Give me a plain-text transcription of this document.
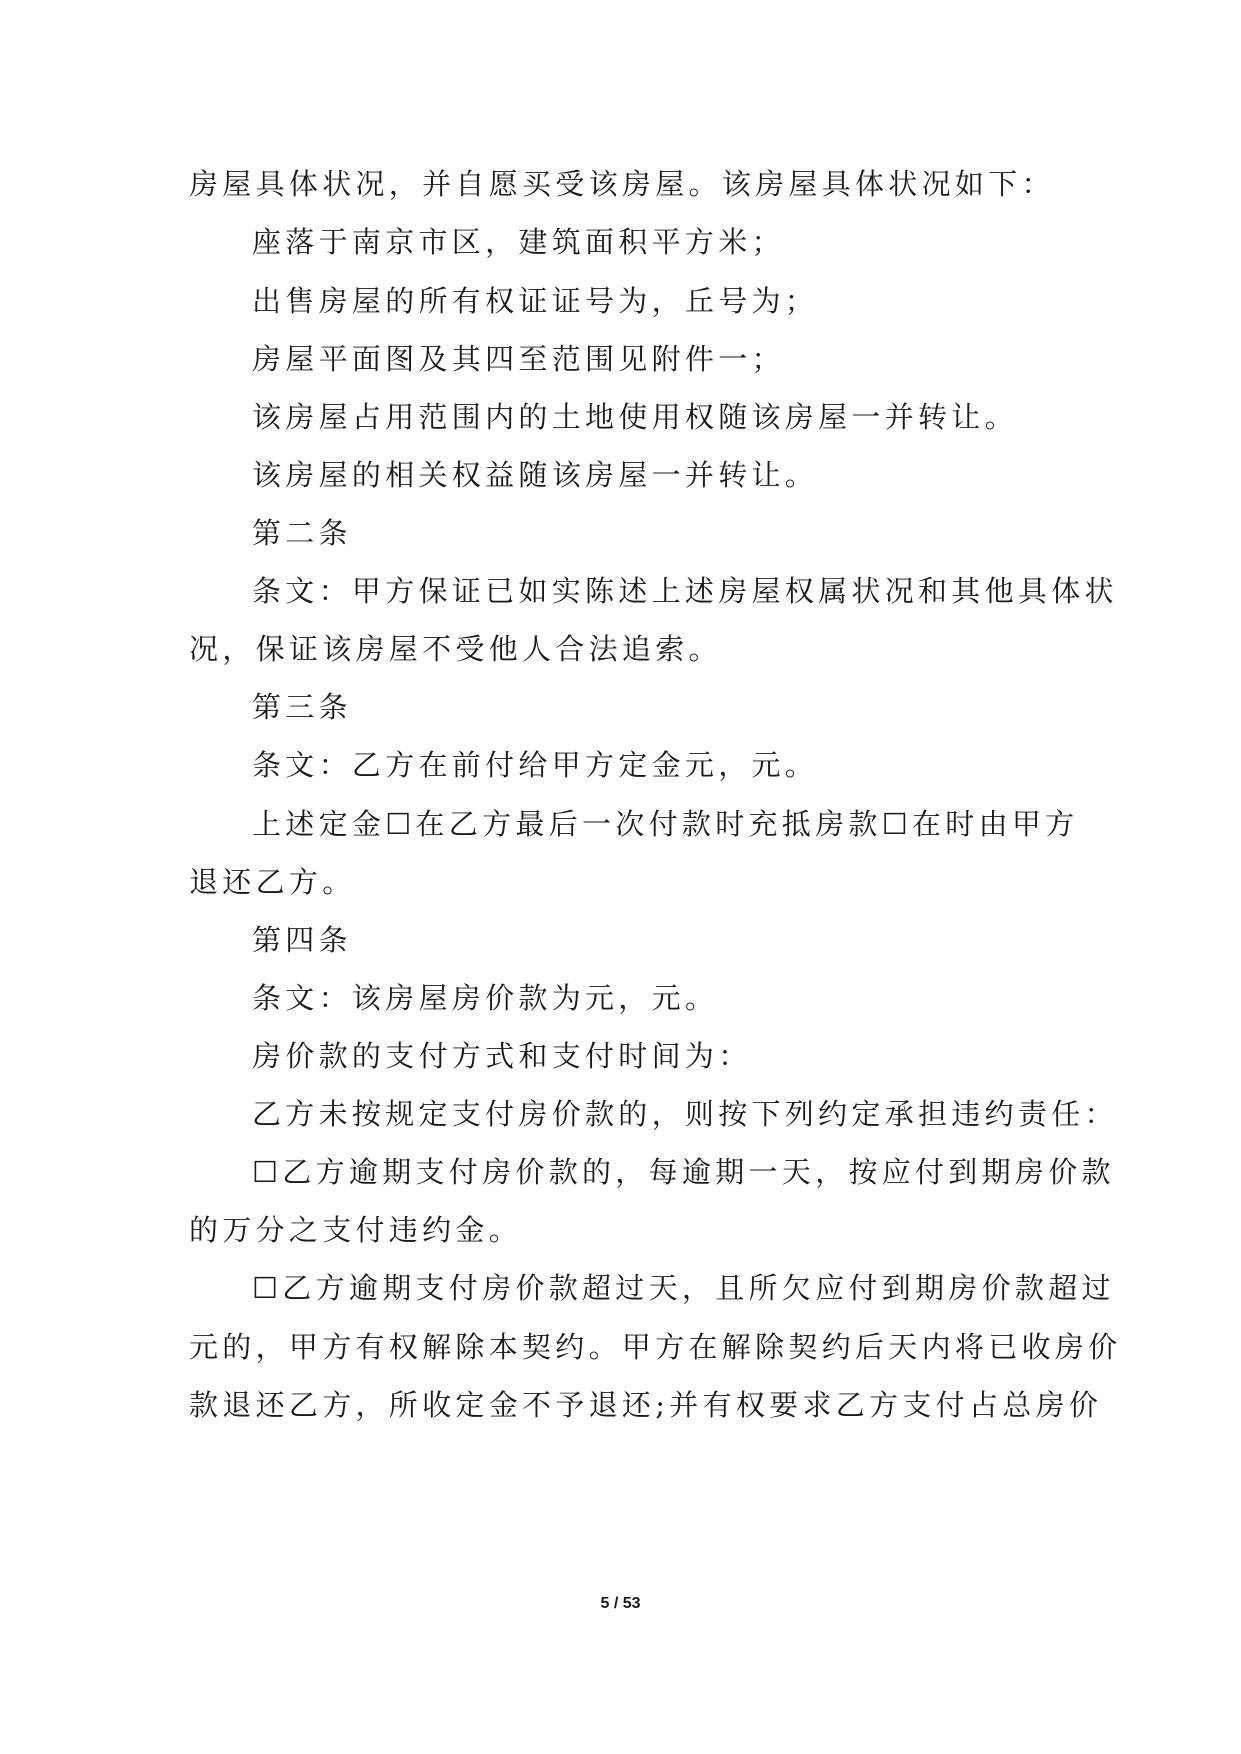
房屋具体状况，并自愿买受该房屋。该房屋具体状况如下：
座落于南京市区，建筑面积平方米；
出售房屋的所有权证证号为，丘号为；
房屋平面图及其四至范围见附件一；
该房屋占用范围内的土地使用权随该房屋一并转让。
该房屋的相关权益随该房屋一并转让。
第二条
条文：甲方保证已如实陈述上述房屋权属状况和其他具体状
况，保证该房屋不受他人合法追索。
第三条
条文：乙方在前付给甲方定金元，元。
上述定金☐在乙方最后一次付款时充抵房款☐在时由甲方
退还乙方。
第四条
条文：该房屋房价款为元，元。
房价款的支付方式和支付时间为：
乙方未按规定支付房价款的，则按下列约定承担违约责任：
☐乙方逾期支付房价款的，每逾期一天，按应付到期房价款
的万分之支付违约金。
☐乙方逾期支付房价款超过天，且所欠应付到期房价款超过
元的，甲方有权解除本契约。甲方在解除契约后天内将已收房价
款退还乙方，所收定金不予退还;并有权要求乙方支付占总房价
5 / 53
